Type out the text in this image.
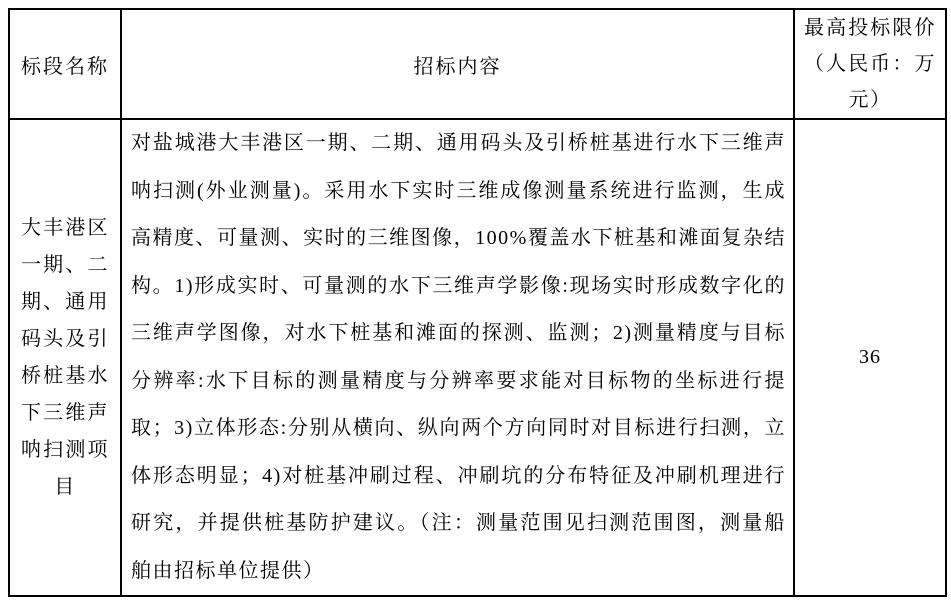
标段名称	招标内容	最高投标限价（人民币：万元）
大丰港区一期、二期、通用码头及引桥桩基水下三维声呐扫测项目	对盐城港大丰港区一期、二期、通用码头及引桥桩基进行水下三维声呐扫测(外业测量)。采用水下实时三维成像测量系统进行监测，生成高精度、可量测、实时的三维图像，100%覆盖水下桩基和滩面复杂结构。1)形成实时、可量测的水下三维声学影像:现场实时形成数字化的三维声学图像，对水下桩基和滩面的探测、监测；2)测量精度与目标分辨率:水下目标的测量精度与分辨率要求能对目标物的坐标进行提取；3)立体形态:分别从横向、纵向两个方向同时对目标进行扫测，立体形态明显；4)对桩基冲刷过程、冲刷坑的分布特征及冲刷机理进行研究，并提供桩基防护建议。（注：测量范围见扫测范围图，测量船舶由招标单位提供）	36
